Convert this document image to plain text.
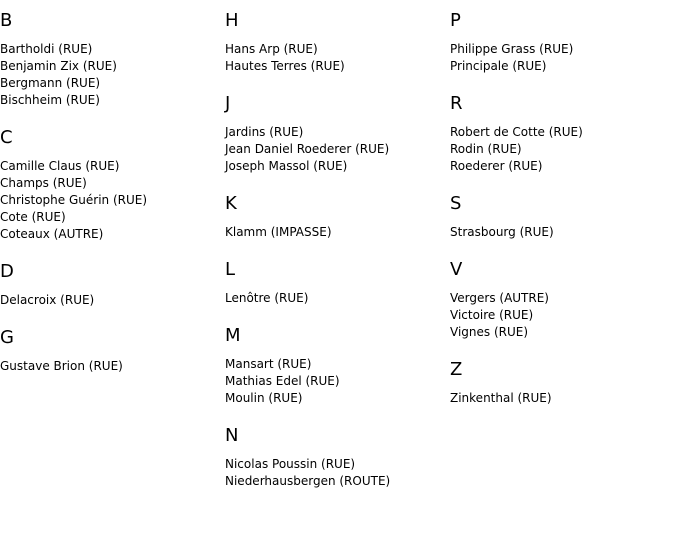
B
Bartholdi (RUE)
Benjamin Zix (RUE)
Bergmann (RUE)
Bischheim (RUE)
C
Camille Claus (RUE)
Champs (RUE)
Christophe Guérin (RUE)
Cote (RUE)
Coteaux (AUTRE)
D
Delacroix (RUE)
G
Gustave Brion (RUE)
H
Hans Arp (RUE)
Hautes Terres (RUE)
J
Jardins (RUE)
Jean Daniel Roederer (RUE)
Joseph Massol (RUE)
K
Klamm (IMPASSE)
L
Lenôtre (RUE)
M
Mansart (RUE)
Mathias Edel (RUE)
Moulin (RUE)
N
Nicolas Poussin (RUE)
Niederhausbergen (ROUTE)
P
Philippe Grass (RUE)
Principale (RUE)
R
Robert de Cotte (RUE)
Rodin (RUE)
Roederer (RUE)
S
Strasbourg (RUE)
V
Vergers (AUTRE)
Victoire (RUE)
Vignes (RUE)
Z
Zinkenthal (RUE)
